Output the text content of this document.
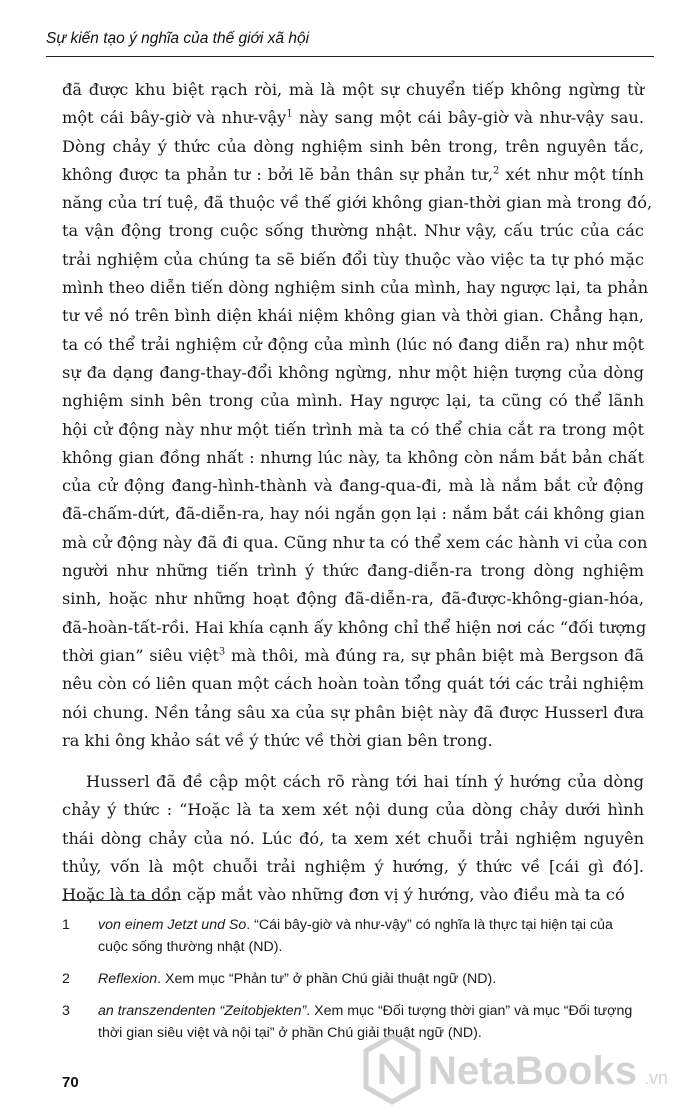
Sự kiến tạo ý nghĩa của thế giới xã hội
đã được khu biệt rạch ròi, mà là một sự chuyển tiếp không ngừng từ
một cái bây-giờ và như-vậy$^1$ này sang một cái bây-giờ và như-vậy sau.
Dòng chảy ý thức của dòng nghiệm sinh bên trong, trên nguyên tắc,
không được ta phản tư : bởi lẽ bản thân sự phản tư,$^2$ xét như một tính
năng của trí tuệ, đã thuộc về thế giới không gian-thời gian mà trong đó,
ta vận động trong cuộc sống thường nhật. Như vậy, cấu trúc của các
trải nghiệm của chúng ta sẽ biến đổi tùy thuộc vào việc ta tự phó mặc
mình theo diễn tiến dòng nghiệm sinh của mình, hay ngược lại, ta phản
tư về nó trên bình diện khái niệm không gian và thời gian. Chẳng hạn,
ta có thể trải nghiệm cử động của mình (lúc nó đang diễn ra) như một
sự đa dạng đang-thay-đổi không ngừng, như một hiện tượng của dòng
nghiệm sinh bên trong của mình. Hay ngược lại, ta cũng có thể lãnh
hội cử động này như một tiến trình mà ta có thể chia cắt ra trong một
không gian đồng nhất : nhưng lúc này, ta không còn nắm bắt bản chất
của cử động đang-hình-thành và đang-qua-đi, mà là nắm bắt cử động
đã-chấm-dứt, đã-diễn-ra, hay nói ngắn gọn lại : nắm bắt cái không gian
mà cử động này đã đi qua. Cũng như ta có thể xem các hành vi của con
người như những tiến trình ý thức đang-diễn-ra trong dòng nghiệm
sinh, hoặc như những hoạt động đã-diễn-ra, đã-được-không-gian-hóa,
đã-hoàn-tất-rồi. Hai khía cạnh ấy không chỉ thể hiện nơi các “đối tượng
thời gian” siêu việt$^3$ mà thôi, mà đúng ra, sự phân biệt mà Bergson đã
nêu còn có liên quan một cách hoàn toàn tổng quát tới các trải nghiệm
nói chung. Nền tảng sâu xa của sự phân biệt này đã được Husserl đưa
ra khi ông khảo sát về ý thức về thời gian bên trong.
Husserl đã đề cập một cách rõ ràng tới hai tính ý hướng của dòng
chảy ý thức : “Hoặc là ta xem xét nội dung của dòng chảy dưới hình
thái dòng chảy của nó. Lúc đó, ta xem xét chuỗi trải nghiệm nguyên
thủy, vốn là một chuỗi trải nghiệm ý hướng, ý thức về [cái gì đó].
Hoặc là ta dồn cặp mắt vào những đơn vị ý hướng, vào điều mà ta có
1 von einem Jetzt und So. “Cái bây-giờ và như-vậy” có nghĩa là thực tại hiện tại của cuộc sống thường nhật (ND).
2 Reflexion. Xem mục “Phản tư” ở phần Chú giải thuật ngữ (ND).
3 an transzendenten “Zeitobjekten”. Xem mục “Đối tượng thời gian” và mục “Đối tượng thời gian siêu việt và nội tại” ở phần Chú giải thuật ngữ (ND).
70	NetaBooks .vn
